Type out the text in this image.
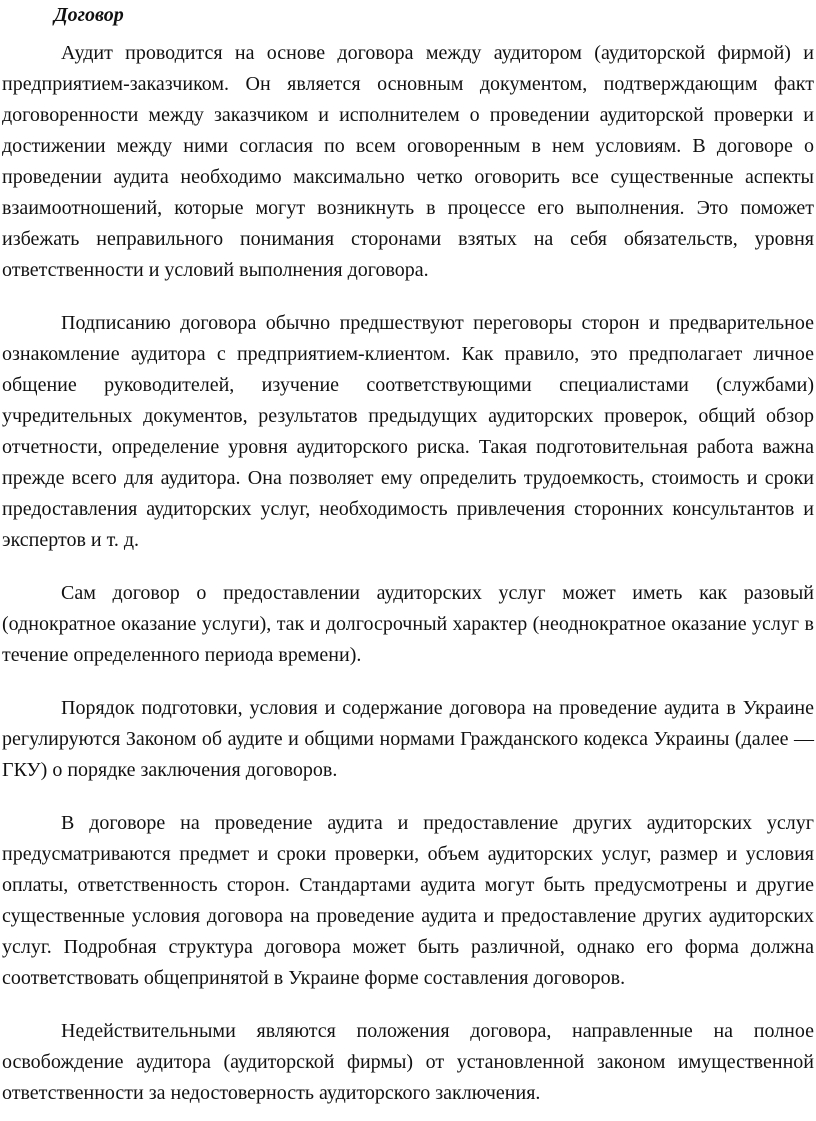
Договор

Аудит проводится на основе договора между аудитором (аудиторской фирмой) и предприятием-заказчиком. Он является основным документом, подтверждающим факт договоренности между заказчиком и исполнителем о проведении аудиторской проверки и достижении между ними согласия по всем оговоренным в нем условиям. В договоре о проведении аудита необходимо максимально четко оговорить все существенные аспекты взаимоотношений, которые могут возникнуть в процессе его выполнения. Это поможет избежать неправильного понимания сторонами взятых на себя обязательств, уровня ответственности и условий выполнения договора.

Подписанию договора обычно предшествуют переговоры сторон и предварительное ознакомление аудитора с предприятием-клиентом. Как правило, это предполагает личное общение руководителей, изучение соответствующими специалистами (службами) учредительных документов, результатов предыдущих аудиторских проверок, общий обзор отчетности, определение уровня аудиторского риска. Такая подготовительная работа важна прежде всего для аудитора. Она позволяет ему определить трудоемкость, стоимость и сроки предоставления аудиторских услуг, необходимость привлечения сторонних консультантов и экспертов и т. д.

Сам договор о предоставлении аудиторских услуг может иметь как разовый (однократное оказание услуги), так и долгосрочный характер (неоднократное оказание услуг в течение определенного периода времени).

Порядок подготовки, условия и содержание договора на проведение аудита в Украине регулируются Законом об аудите и общими нормами Гражданского кодекса Украины (далее — ГКУ) о порядке заключения договоров.

В договоре на проведение аудита и предоставление других аудиторских услуг предусматриваются предмет и сроки проверки, объем аудиторских услуг, размер и условия оплаты, ответственность сторон. Стандартами аудита могут быть предусмотрены и другие существенные условия договора на проведение аудита и предоставление других аудиторских услуг. Подробная структура договора может быть различной, однако его форма должна соответствовать общепринятой в Украине форме составления договоров.

Недействительными являются положения договора, направленные на полное освобождение аудитора (аудиторской фирмы) от установленной законом имущественной ответственности за недостоверность аудиторского заключения.
